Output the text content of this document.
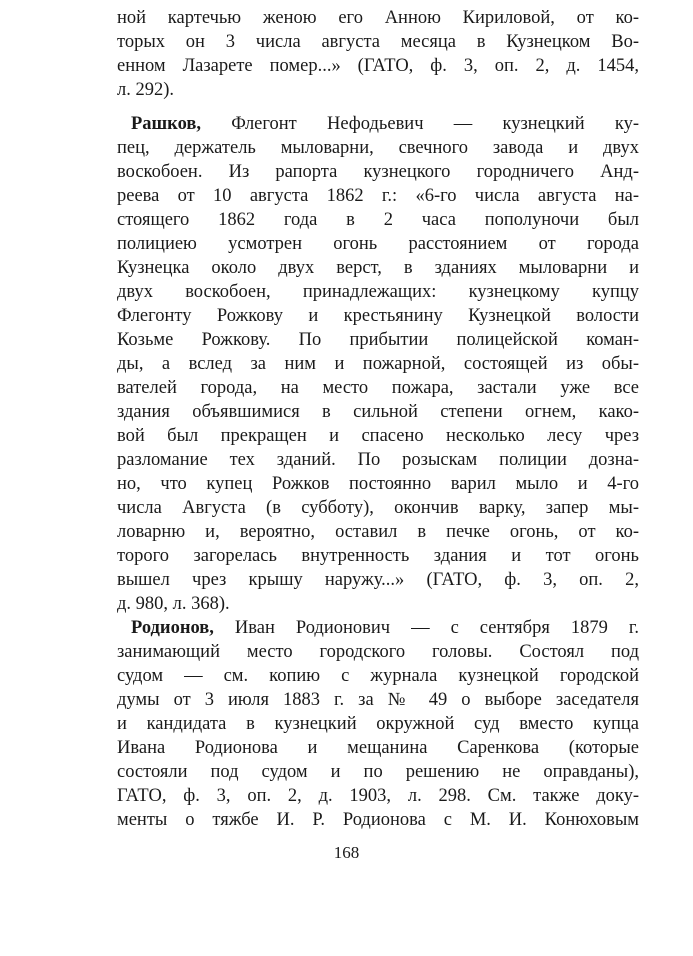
ной картечью женою его Анною Кириловой, от ко-
торых он 3 числа августа месяца в Кузнецком Во-
енном Лазарете помер...» (ГАТО, ф. 3, оп. 2, д. 1454,
л. 292).
Рашков, Флегонт Нефодьевич — кузнецкий ку-
пец, держатель мыловарни, свечного завода и двух
воскобоен. Из рапорта кузнецкого городничего Анд-
реева от 10 августа 1862 г.: «6-го числа августа на-
стоящего 1862 года в 2 часа пополуночи был
полициею усмотрен огонь расстоянием от города
Кузнецка около двух верст, в зданиях мыловарни и
двух воскобоен, принадлежащих: кузнецкому купцу
Флегонту Рожкову и крестьянину Кузнецкой волости
Козьме Рожкову. По прибытии полицейской коман-
ды, а вслед за ним и пожарной, состоящей из обы-
вателей города, на место пожара, застали уже все
здания объявшимися в сильной степени огнем, како-
вой был прекращен и спасено несколько лесу чрез
разломание тех зданий. По розыскам полиции дозна-
но, что купец Рожков постоянно варил мыло и 4-го
числа Августа (в субботу), окончив варку, запер мы-
ловарню и, вероятно, оставил в печке огонь, от ко-
торого загорелась внутренность здания и тот огонь
вышел чрез крышу наружу...» (ГАТО, ф. 3, оп. 2,
д. 980, л. 368).
Родионов, Иван Родионович — с сентября 1879 г.
занимающий место городского головы. Состоял под
судом — см. копию с журнала кузнецкой городской
думы от 3 июля 1883 г. за № 49 о выборе заседателя
и кандидата в кузнецкий окружной суд вместо купца
Ивана Родионова и мещанина Саренкова (которые
состояли под судом и по решению не оправданы),
ГАТО, ф. 3, оп. 2, д. 1903, л. 298. См. также доку-
менты о тяжбе И. Р. Родионова с М. И. Конюховым
168
